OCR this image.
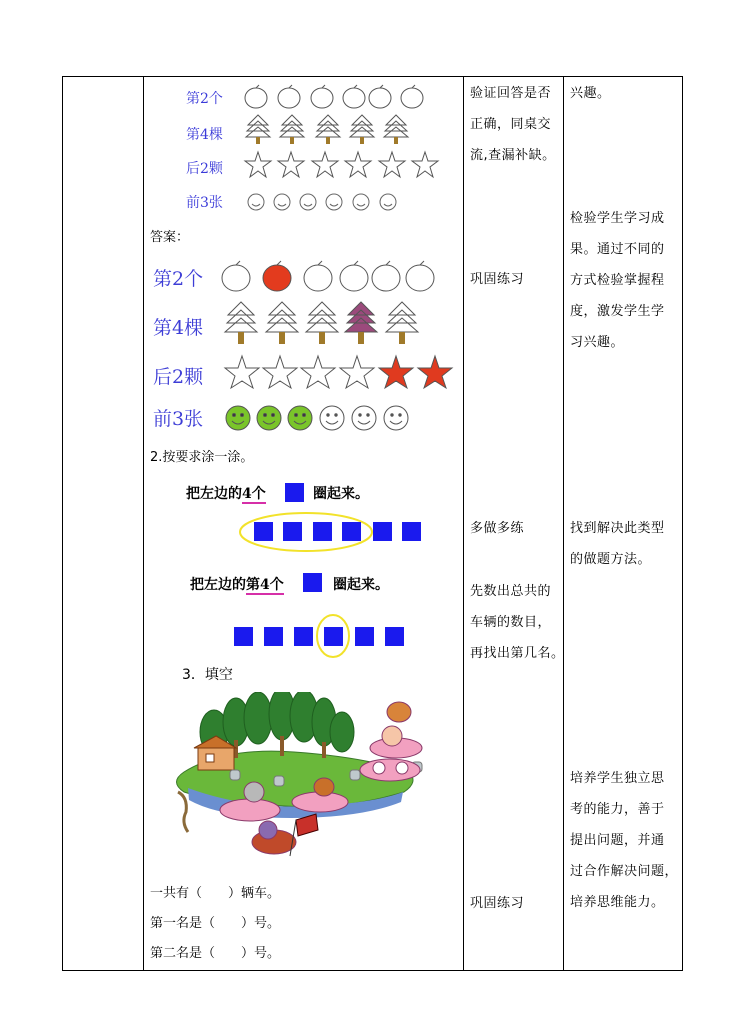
第2个
第4棵
后2颗
前3张
答案：
第2个
第4棵
后2颗
前3张
2.按要求涂一涂。
把左边的4个	圈起来。
把左边的第4个	圈起来。
3．填空
一共有（　　）辆车。
第一名是（　　）号。
第二名是（　　）号。
验证回答是否
正确，同桌交
流,查漏补缺。
巩固练习
多做多练
先数出总共的
车辆的数目，
再找出第几名。
巩固练习
兴趣。
检验学生学习成
果。通过不同的
方式检验掌握程
度，激发学生学
习兴趣。
找到解决此类型
的做题方法。
培养学生独立思
考的能力，善于
提出问题，并通
过合作解决问题，
培养思维能力。
